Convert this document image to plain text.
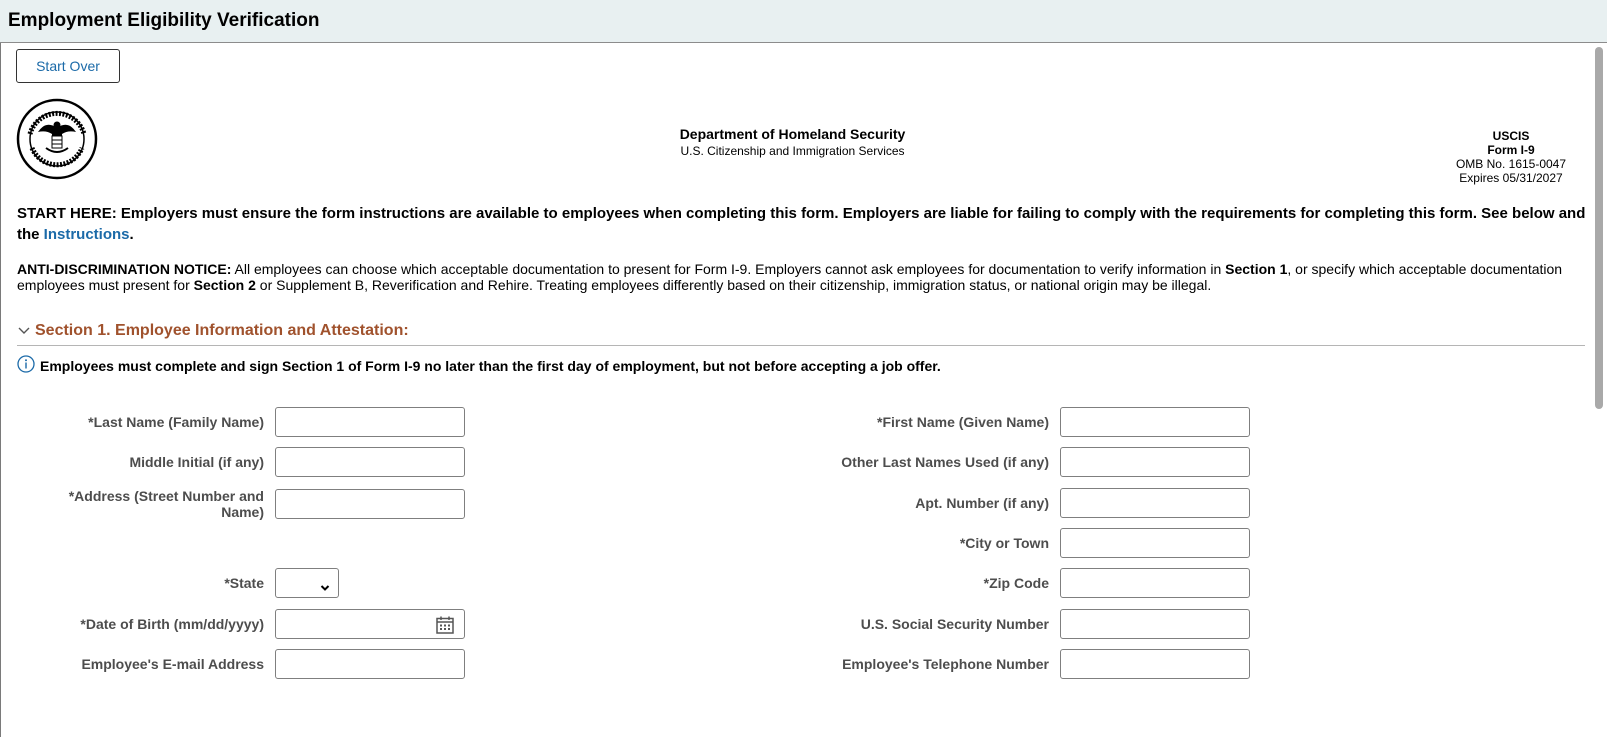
Employment Eligibility Verification
Start Over
Department of Homeland Security
U.S. Citizenship and Immigration Services
USCIS
Form I-9
OMB No. 1615-0047
Expires 05/31/2027
START HERE: Employers must ensure the form instructions are available to employees when completing this form. Employers are liable for failing to comply with the requirements for completing this form. See below and the Instructions.
ANTI-DISCRIMINATION NOTICE: All employees can choose which acceptable documentation to present for Form I-9. Employers cannot ask employees for documentation to verify information in Section 1, or specify which acceptable documentation employees must present for Section 2 or Supplement B, Reverification and Rehire. Treating employees differently based on their citizenship, immigration status, or national origin may be illegal.
Section 1. Employee Information and Attestation:
Employees must complete and sign Section 1 of Form I-9 no later than the first day of employment, but not before accepting a job offer.
*Last Name (Family Name)
Middle Initial (if any)
*Address (Street Number and Name)
*State
*Date of Birth (mm/dd/yyyy)
Employee's E-mail Address
*First Name (Given Name)
Other Last Names Used (if any)
Apt. Number (if any)
*City or Town
*Zip Code
U.S. Social Security Number
Employee's Telephone Number
